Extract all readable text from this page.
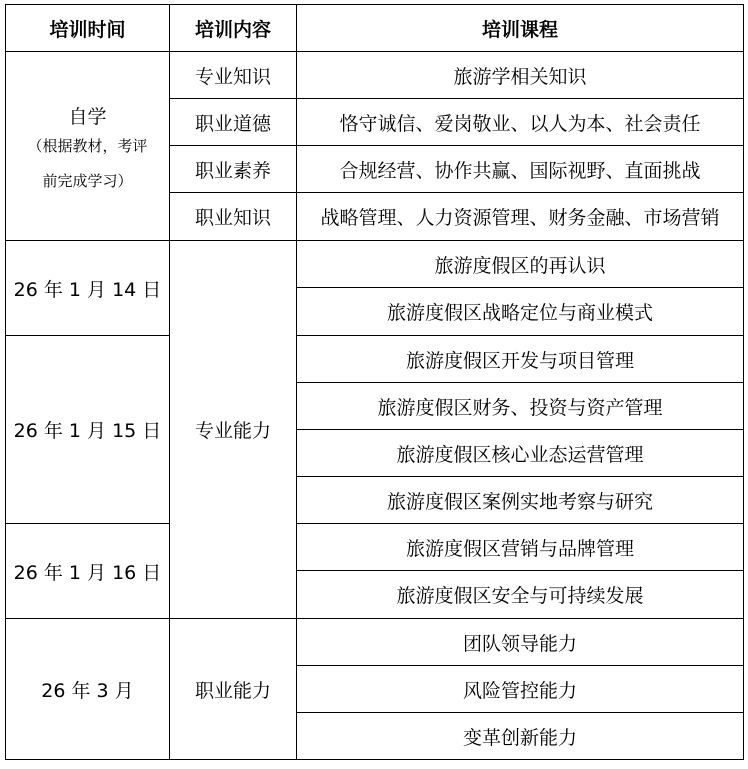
培训时间	培训内容	培训课程

自学
（根据教材，考评
前完成学习）	专业知识	旅游学相关知识
	职业道德	恪守诚信、爱岗敬业、以人为本、社会责任
	职业素养	合规经营、协作共赢、国际视野、直面挑战
	职业知识	战略管理、人力资源管理、财务金融、市场营销
26 年 1 月 14 日	专业能力	旅游度假区的再认识
		旅游度假区战略定位与商业模式
26 年 1 月 15 日		旅游度假区开发与项目管理
		旅游度假区财务、投资与资产管理
		旅游度假区核心业态运营管理
		旅游度假区案例实地考察与研究
26 年 1 月 16 日		旅游度假区营销与品牌管理
		旅游度假区安全与可持续发展
26 年 3 月	职业能力	团队领导能力
		风险管控能力
		变革创新能力
